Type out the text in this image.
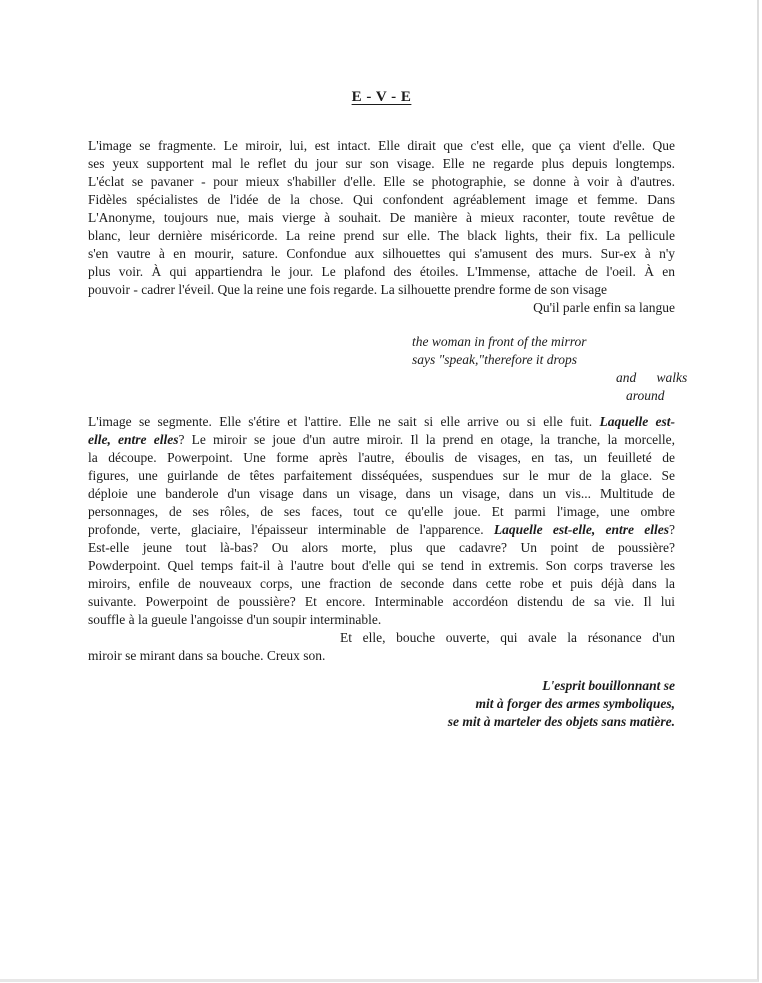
E - V - E
L'image se fragmente. Le miroir, lui, est intact. Elle dirait que c'est elle, que ça vient d'elle. Que
ses yeux supportent mal le reflet du jour sur son visage. Elle ne regarde plus depuis longtemps.
L'éclat se pavaner - pour mieux s'habiller d'elle. Elle se photographie, se donne à voir à d'autres.
Fidèles spécialistes de l'idée de la chose. Qui confondent agréablement image et femme. Dans
L'Anonyme, toujours nue, mais vierge à souhait. De manière à mieux raconter, toute revêtue de
blanc, leur dernière miséricorde. La reine prend sur elle. The black lights, their fix. La pellicule
s'en vautre à en mourir, sature. Confondue aux silhouettes qui s'amusent des murs. Sur-ex à n'y
plus voir. À qui appartiendra le jour. Le plafond des étoiles. L'Immense, attache de l'oeil. À en
pouvoir - cadrer l'éveil. Que la reine une fois regarde. La silhouette prendre forme de son visage
Qu'il parle enfin sa langue
the woman in front of the mirror
says "speak,"therefore it drops
and      walks
around
L'image se segmente. Elle s'étire et l'attire. Elle ne sait si elle arrive ou si elle fuit. Laquelle est-
elle, entre elles? Le miroir se joue d'un autre miroir. Il la prend en otage, la tranche, la morcelle,
la découpe. Powerpoint. Une forme après l'autre, éboulis de visages, en tas, un feuilleté de
figures, une guirlande de têtes parfaitement disséquées, suspendues sur le mur de la glace. Se
déploie une banderole d'un visage dans un visage, dans un visage, dans un vis... Multitude de
personnages, de ses rôles, de ses faces, tout ce qu'elle joue. Et parmi l'image, une ombre
profonde, verte, glaciaire, l'épaisseur interminable de l'apparence. Laquelle est-elle, entre elles?
Est-elle jeune tout là-bas? Ou alors morte, plus que cadavre? Un point de poussière?
Powderpoint. Quel temps fait-il à l'autre bout d'elle qui se tend in extremis. Son corps traverse les
miroirs, enfile de nouveaux corps, une fraction de seconde dans cette robe et puis déjà dans la
suivante. Powerpoint de poussière? Et encore. Interminable accordéon distendu de sa vie. Il lui
souffle à la gueule l'angoisse d'un soupir interminable.
Et elle, bouche ouverte, qui avale la résonance d'un
miroir se mirant dans sa bouche. Creux son.
L'esprit bouillonnant se
mit à forger des armes symboliques,
se mit à marteler des objets sans matière.
